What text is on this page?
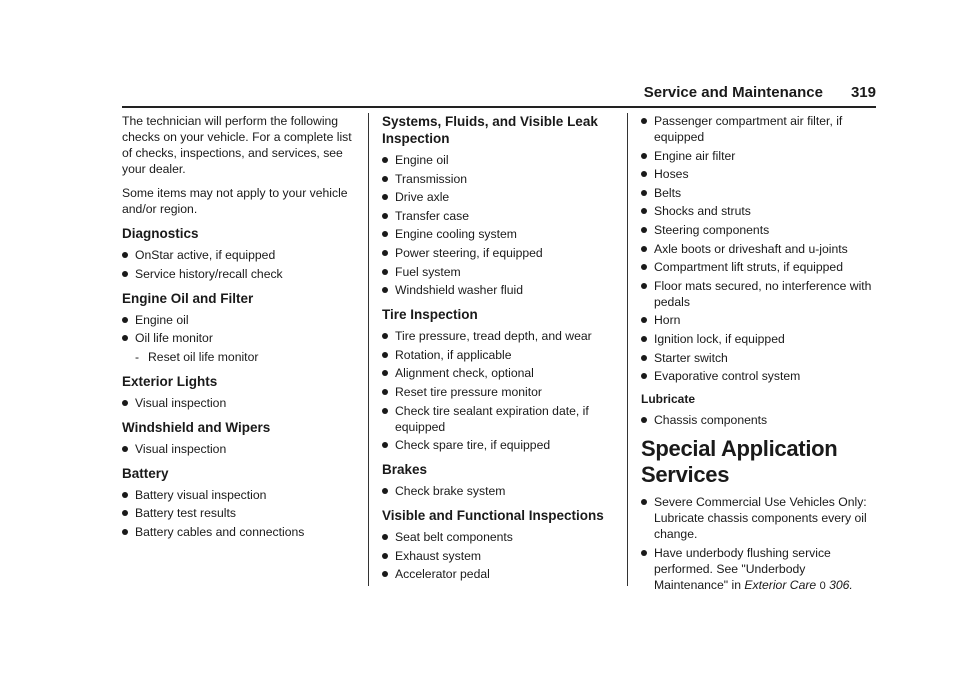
Service and Maintenance 319

The technician will perform the following checks on your vehicle. For a complete list of checks, inspections, and services, see your dealer.

Some items may not apply to your vehicle and/or region.

Diagnostics
OnStar active, if equipped
Service history/recall check
Engine Oil and Filter
Engine oil
Oil life monitor
- Reset oil life monitor
Exterior Lights
Visual inspection
Windshield and Wipers
Visual inspection
Battery
Battery visual inspection
Battery test results
Battery cables and connections
Systems, Fluids, and Visible Leak Inspection
Engine oil
Transmission
Drive axle
Transfer case
Engine cooling system
Power steering, if equipped
Fuel system
Windshield washer fluid
Tire Inspection
Tire pressure, tread depth, and wear
Rotation, if applicable
Alignment check, optional
Reset tire pressure monitor
Check tire sealant expiration date, if equipped
Check spare tire, if equipped
Brakes
Check brake system
Visible and Functional Inspections
Seat belt components
Exhaust system
Accelerator pedal
Passenger compartment air filter, if equipped
Engine air filter
Hoses
Belts
Shocks and struts
Steering components
Axle boots or driveshaft and u-joints
Compartment lift struts, if equipped
Floor mats secured, no interference with pedals
Horn
Ignition lock, if equipped
Starter switch
Evaporative control system
Lubricate
Chassis components
Special Application Services
Severe Commercial Use Vehicles Only: Lubricate chassis components every oil change.
Have underbody flushing service performed. See "Underbody Maintenance" in Exterior Care 0 306.
